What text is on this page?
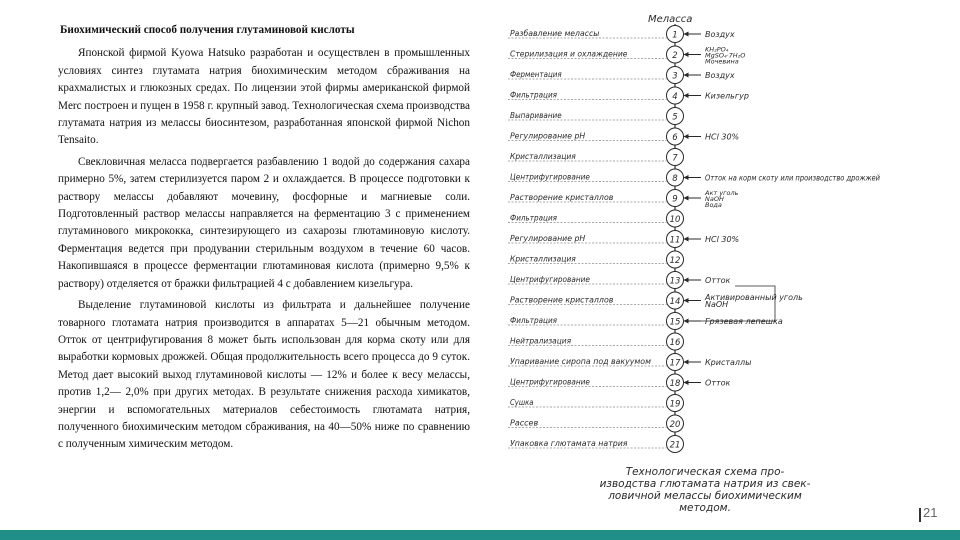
Биохимический способ получения глутаминовой кислоты

Японской фирмой Kyowa Hatsuko разработан и осуществлен в промышленных условиях синтез глутамата натрия биохимическим методом сбраживания на крахмалистых и глюкозных средах. По лицензии этой фирмы американской фирмой Merc построен и пущен в 1958 г. крупный завод. Технологическая схема производства глутамата натрия из мелассы биосинтезом, разработанная японской фирмой Nichon Tensaito.

Свекловичная меласса подвергается разбавлению 1 водой до содержания сахара примерно 5%, затем стерилизуется паром 2 и охлаждается. В процессе подготовки к раствору мелассы добавляют мочевину, фосфорные и магниевые соли. Подготовленный раствор мелассы направляется на ферментацию 3 с применением глутаминового микрококка, синтезирующего из сахарозы глютаминовую кислоту. Ферментация ведется при продувании стерильным воздухом в течение 60 часов. Накопившаяся в процессе ферментации глютаминовая кислота (примерно 9,5% к раствору) отделяется от бражки фильтрацией 4 с добавлением кизельгура.

Выделение глутаминовой кислоты из фильтрата и дальнейшее получение товарного глотамата натрия производится в аппаратах 5—21 обычным методом. Отток от центрифугирования 8 может быть использован для корма скоту или для выработки кормовых дрожжей. Общая продолжительность всего процесса до 9 суток. Метод дает высокий выход глутаминовой кислоты — 12% и более к весу мелассы, против 1,2— 2,0% при других методах. В результате снижения расхода химикатов, энергии и вспомогательных материалов себестоимость глютамата натрия, полученного биохимическим методом сбраживания, на 40—50% ниже по сравнению с полученным химическим методом.

Меласса
1
Разбавление мелассы	Воздух
2
Стерилизация и охлаждение	KH₂PO₄
MgSO₄·7H₂O
Мочевина
3
Ферментация	Воздух
4
Фильтрация	Кизельгур
5
Выпаривание
6
Регулирование pH	HCl 30%
7
Кристаллизация
8
Центрифугирование	Отток на корм скоту или производство дрожжей
9
Растворение кристаллов	Акт уголь
NaOH
Вода
10
Фильтрация
11
Регулирование pH	HCl 30%
12
Кристаллизация
13
Центрифугирование	Отток
14
Растворение кристаллов	Активированный уголь
NaOH
15
Фильтрация	Грязевая лепешка
16
Нейтрализация
17
Упаривание сиропа под вакуумом	Кристаллы
18
Центрифугирование	Отток
19
Сушка
20
Рассев
21
Упаковка глютамата натрия
Технологическая схема про-
изводства глютамата натрия из свек-
ловичной мелассы биохимическим
методом.	21
